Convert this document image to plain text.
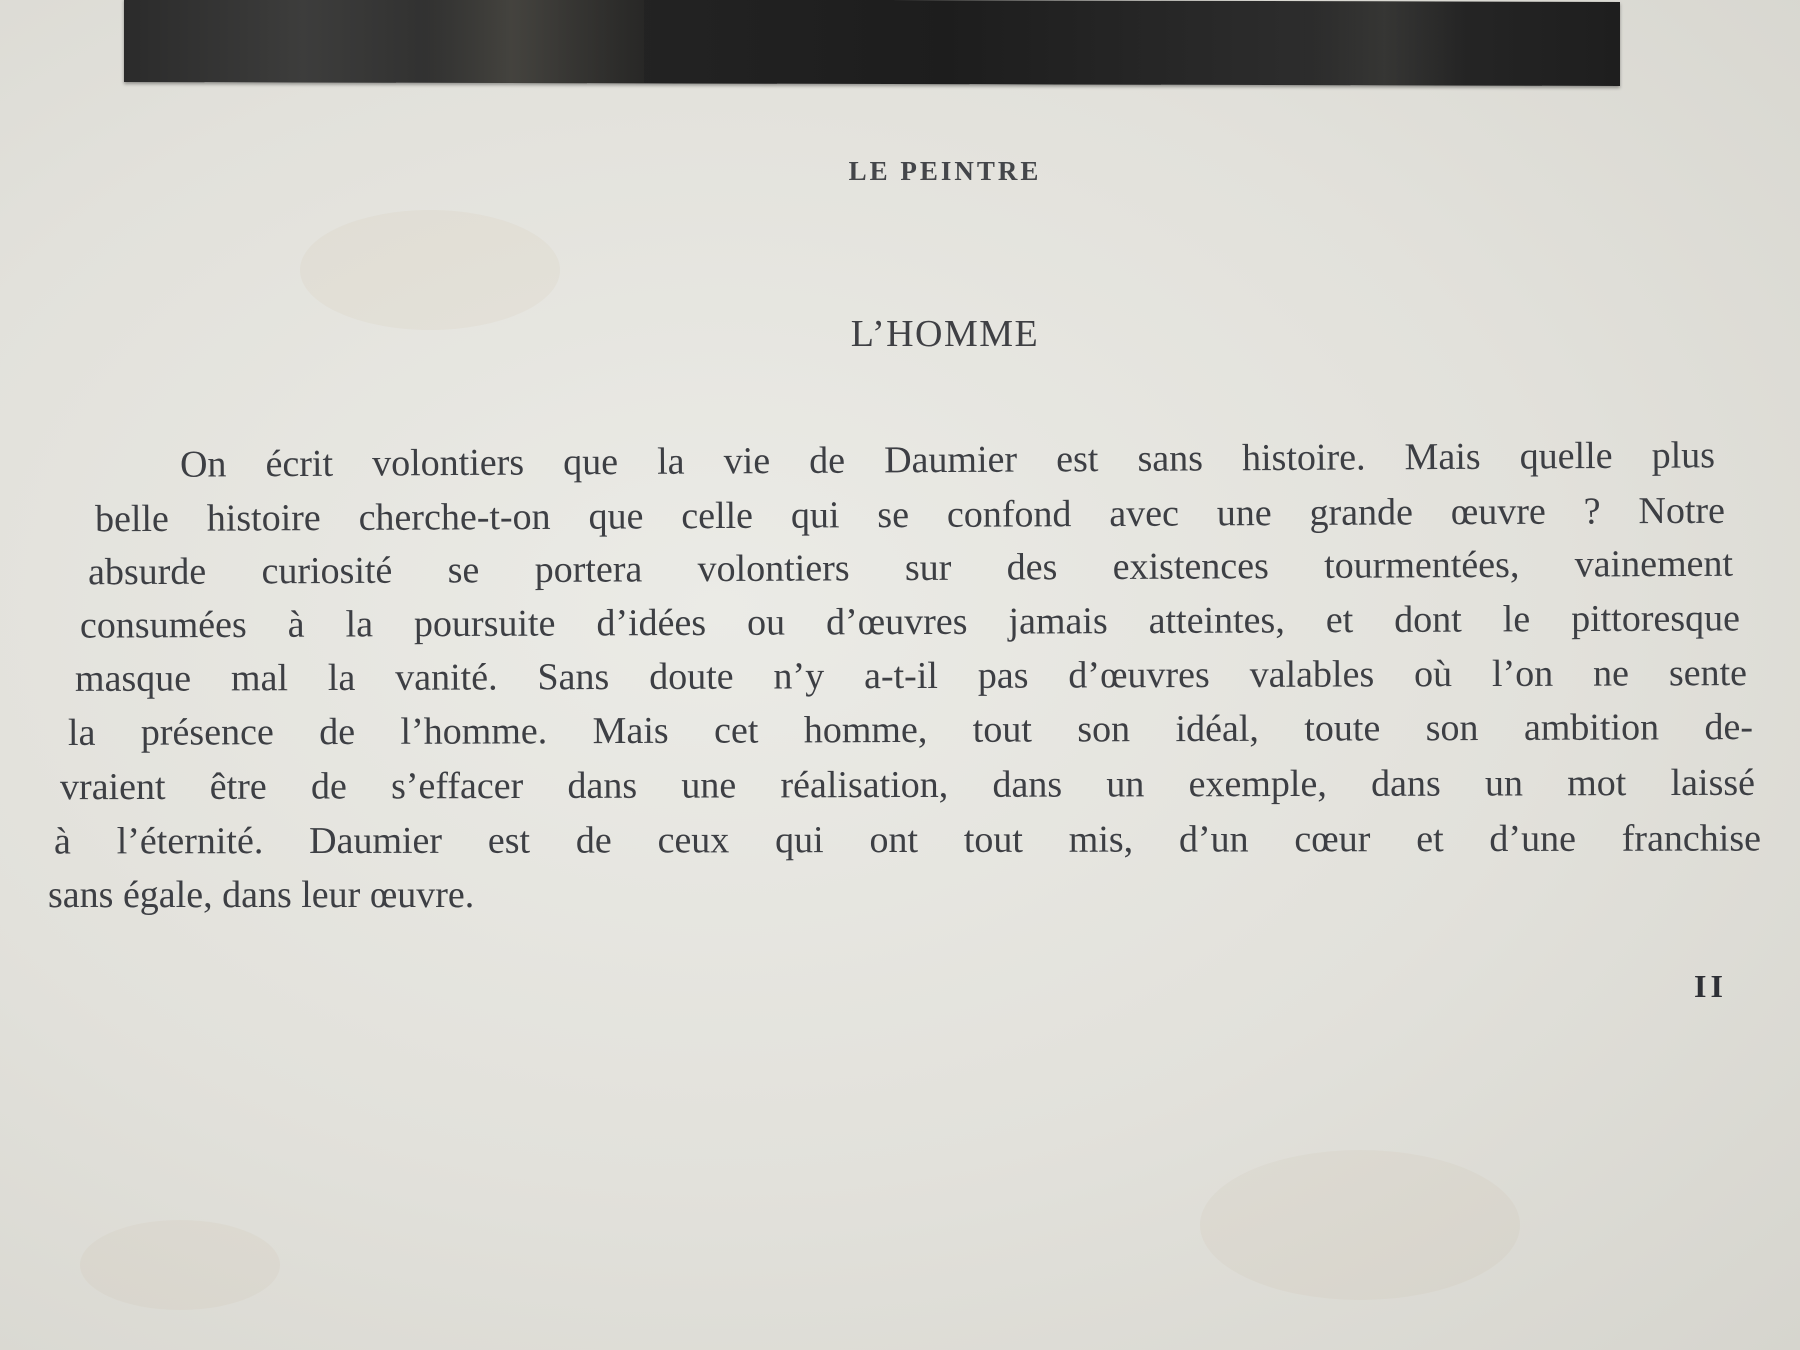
LE PEINTRE
L’HOMME
On écrit volontiers que la vie de Daumier est sans histoire. Mais quelle plus
belle histoire cherche-t-on que celle qui se confond avec une grande œuvre ? Notre
absurde curiosité se portera volontiers sur des existences tourmentées, vainement
consumées à la poursuite d’idées ou d’œuvres jamais atteintes, et dont le pittoresque
masque mal la vanité. Sans doute n’y a-t-il pas d’œuvres valables où l’on ne sente
la présence de l’homme. Mais cet homme, tout son idéal, toute son ambition de-
vraient être de s’effacer dans une réalisation, dans un exemple, dans un mot laissé
à l’éternité. Daumier est de ceux qui ont tout mis, d’un cœur et d’une franchise
sans égale, dans leur œuvre.
II
